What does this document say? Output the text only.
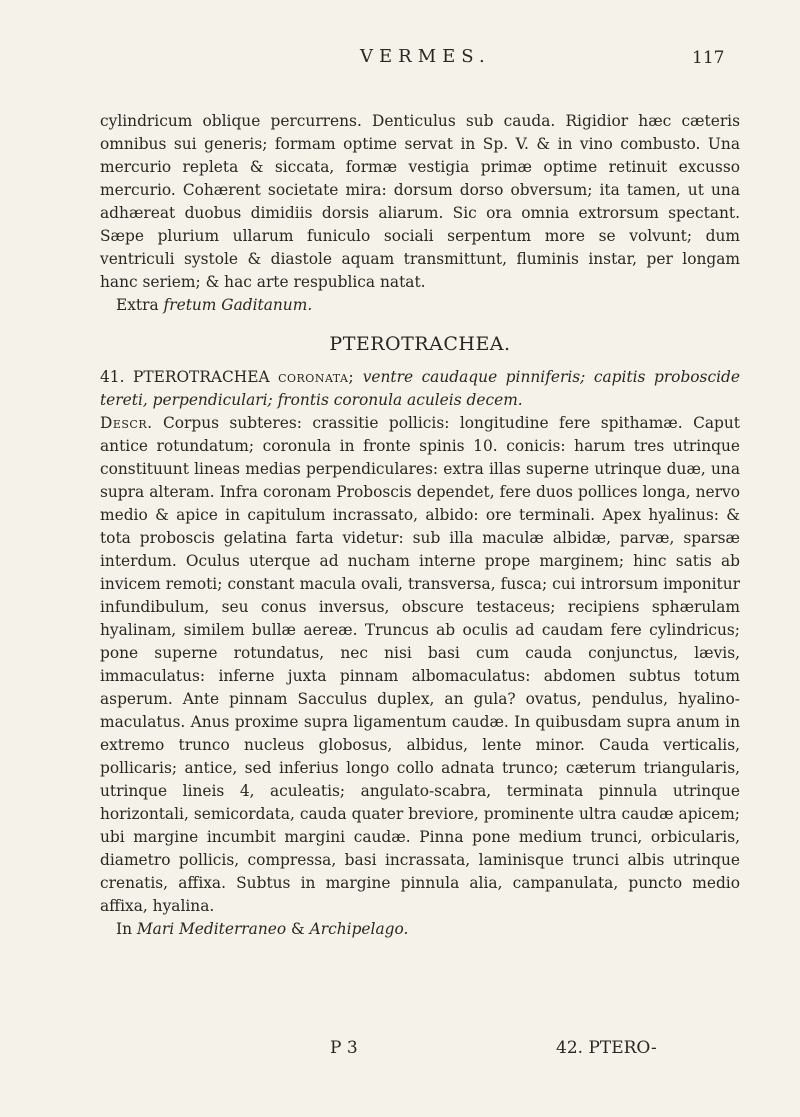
VERMES.	117

cylindricum oblique percurrens. Denticulus sub cauda. Rigidior hæc cæteris omnibus sui generis; formam optime servat in Sp. V. & in vino combusto. Una mercurio repleta & siccata, formæ vestigia primæ optime retinuit excusso mercurio. Cohærent societate mira: dorsum dorso obversum; ita tamen, ut una adhæreat duobus dimidiis dorsis aliarum. Sic ora omnia extrorsum spectant. Sæpe plurium ullarum funiculo sociali serpentum more se volvunt; dum ventriculi systole & diastole aquam transmittunt, fluminis instar, per longam hanc seriem; & hac arte respublica natat.

Extra fretum Gaditanum.

PTEROTRACHEA.

41. PTEROTRACHEA coronata; ventre caudaque pinniferis; capitis proboscide tereti, perpendiculari; frontis coronula aculeis decem.

Descr. Corpus subteres: crassitie pollicis: longitudine fere spithamæ. Caput antice rotundatum; coronula in fronte spinis 10. conicis: harum tres utrinque constituunt lineas medias perpendiculares: extra illas superne utrinque duæ, una supra alteram. Infra coronam Proboscis dependet, fere duos pollices longa, nervo medio & apice in capitulum incrassato, albido: ore terminali. Apex hyalinus: & tota proboscis gelatina farta videtur: sub illa maculæ albidæ, parvæ, sparsæ interdum. Oculus uterque ad nucham interne prope marginem; hinc satis ab invicem remoti; constant macula ovali, transversa, fusca; cui introrsum imponitur infundibulum, seu conus inversus, obscure testaceus; recipiens sphærulam hyalinam, similem bullæ aereæ. Truncus ab oculis ad caudam fere cylindricus; pone superne rotundatus, nec nisi basi cum cauda conjunctus, lævis, immaculatus: inferne juxta pinnam albomaculatus: abdomen subtus totum asperum. Ante pinnam Sacculus duplex, an gula? ovatus, pendulus, hyalino-maculatus. Anus proxime supra ligamentum caudæ. In quibusdam supra anum in extremo trunco nucleus globosus, albidus, lente minor. Cauda verticalis, pollicaris; antice, sed inferius longo collo adnata trunco; cæterum triangularis, utrinque lineis 4, aculeatis; angulato-scabra, terminata pinnula utrinque horizontali, semicordata, cauda quater breviore, prominente ultra caudæ apicem; ubi margine incumbit margini caudæ. Pinna pone medium trunci, orbicularis, diametro pollicis, compressa, basi incrassata, laminisque trunci albis utrinque crenatis, affixa. Subtus in margine pinnula alia, campanulata, puncto medio affixa, hyalina.

In Mari Mediterraneo & Archipelago.

P 3	42. PTERO-
